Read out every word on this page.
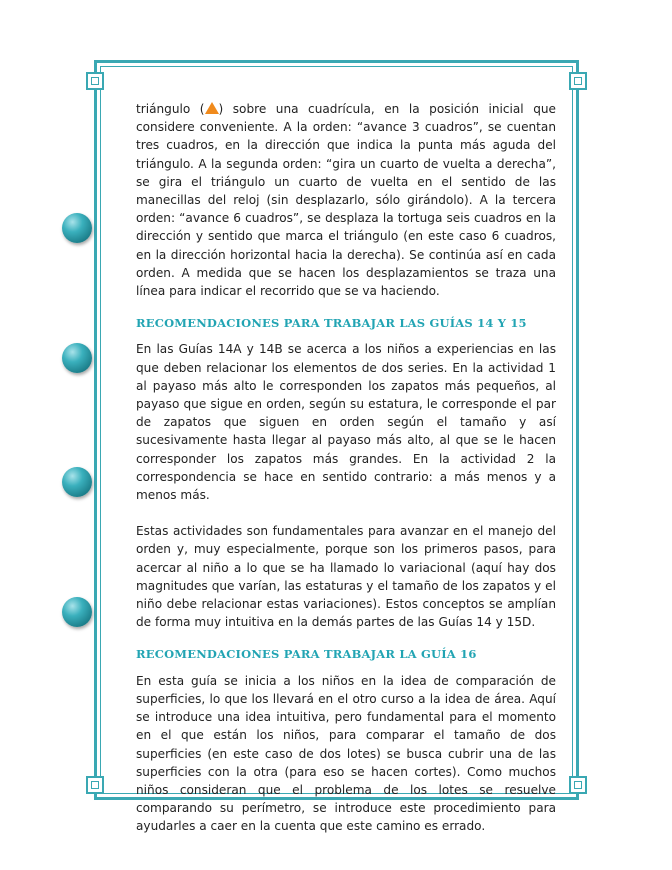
triángulo ( ) sobre una cuadrícula, en la posición inicial que considere conveniente. A la orden: “avance 3 cuadros”, se cuentan tres cuadros, en la dirección que indica la punta más aguda del triángulo. A la segunda orden: “gira un cuarto de vuelta a derecha”, se gira el triángulo un cuarto de vuelta en el sentido de las manecillas del reloj (sin desplazarlo, sólo girándolo). A la tercera orden: “avance 6 cuadros”, se desplaza la tortuga seis cuadros en la dirección y sentido que marca el triángulo (en este caso 6 cuadros, en la dirección horizontal hacia la derecha). Se continúa así en cada orden. A medida que se hacen los desplazamientos se traza una línea para indicar el recorrido que se va haciendo.

RECOMENDACIONES PARA TRABAJAR LAS GUÍAS 14 Y 15

En las Guías 14A y 14B se acerca a los niños a experiencias en las que deben relacionar los elementos de dos series. En la actividad 1 al payaso más alto le corresponden los zapatos más pequeños, al payaso que sigue en orden, según su estatura, le corresponde el par de zapatos que siguen en orden según el tamaño y así sucesivamente hasta llegar al payaso más alto, al que se le hacen corresponder los zapatos más grandes. En la actividad 2 la correspondencia se hace en sentido contrario: a más menos y a menos más.

Estas actividades son fundamentales para avanzar en el manejo del orden y, muy especialmente, porque son los primeros pasos, para acercar al niño a lo que se ha llamado lo variacional (aquí hay dos magnitudes que varían, las estaturas y el tamaño de los zapatos y el niño debe relacionar estas variaciones). Estos conceptos se amplían de forma muy intuitiva en la demás partes de las Guías 14 y 15D.

RECOMENDACIONES PARA TRABAJAR LA GUÍA 16

En esta guía se inicia a los niños en la idea de comparación de superficies, lo que los llevará en el otro curso a la idea de área. Aquí se introduce una idea intuitiva, pero fundamental para el momento en el que están los niños, para comparar el tamaño de dos superficies (en este caso de dos lotes) se busca cubrir una de las superficies con la otra (para eso se hacen cortes). Como muchos niños consideran que el problema de los lotes se resuelve comparando su perímetro, se introduce este procedimiento para ayudarles a caer en la cuenta que este camino es errado.
